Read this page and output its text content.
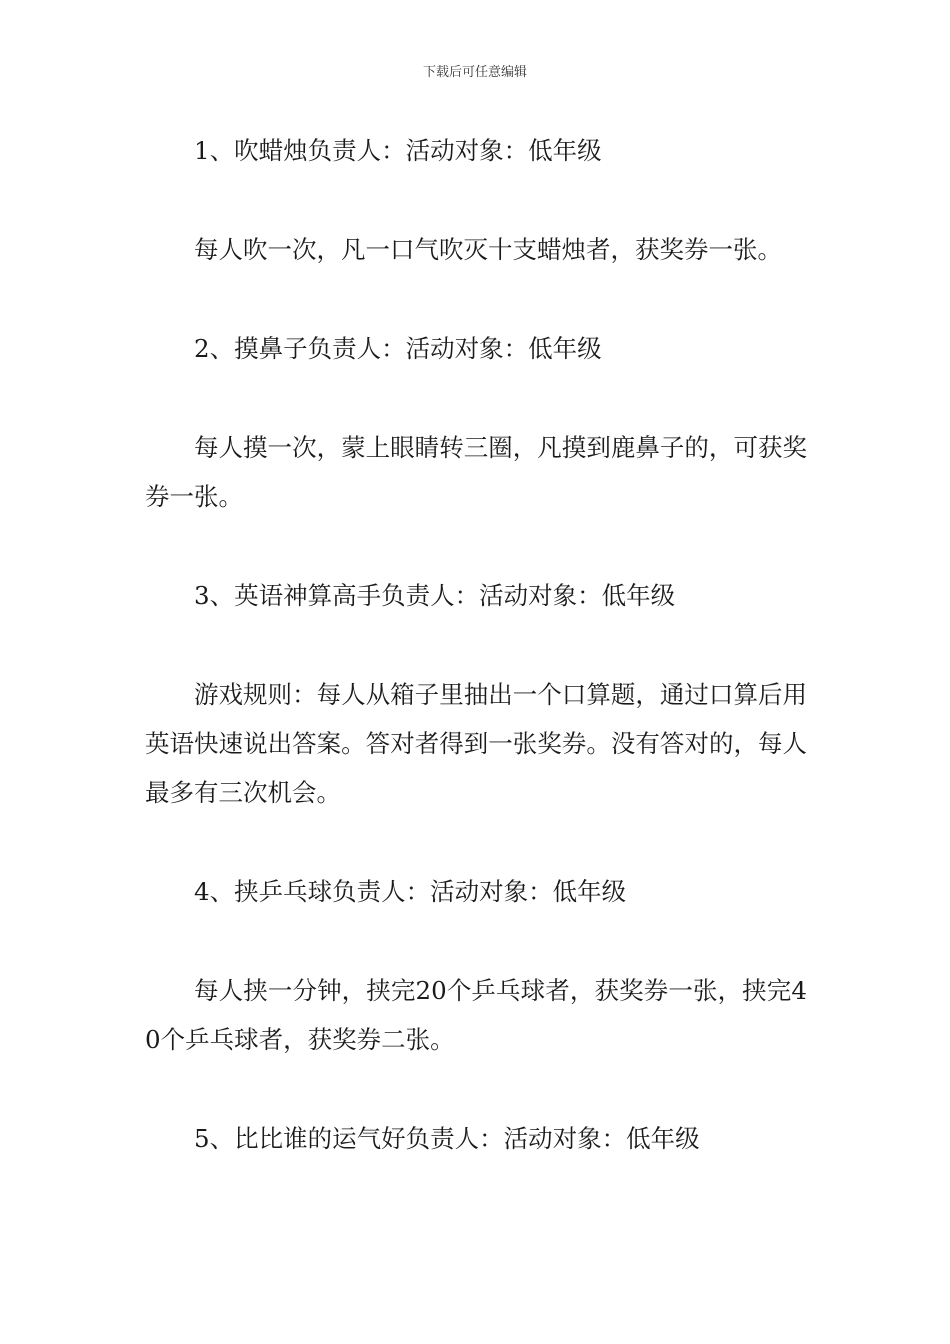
下载后可任意编辑

1、吹蜡烛负责人：活动对象：低年级

每人吹一次，凡一口气吹灭十支蜡烛者，获奖券一张。

2、摸鼻子负责人：活动对象：低年级

每人摸一次，蒙上眼睛转三圈，凡摸到鹿鼻子的，可获奖券一张。

3、英语神算高手负责人：活动对象：低年级

游戏规则：每人从箱子里抽出一个口算题，通过口算后用英语快速说出答案。答对者得到一张奖券。没有答对的，每人最多有三次机会。

4、挟乒乓球负责人：活动对象：低年级

每人挟一分钟，挟完20个乒乓球者，获奖券一张，挟完40个乒乓球者，获奖券二张。

5、比比谁的运气好负责人：活动对象：低年级
